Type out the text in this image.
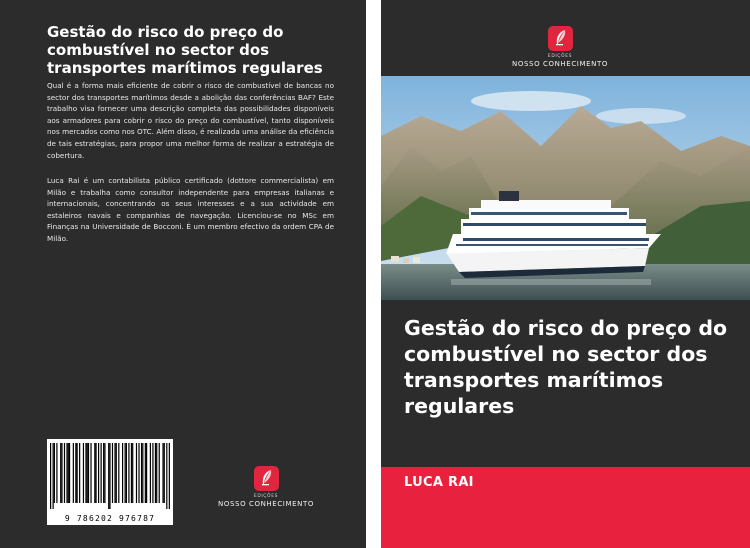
Gestão do risco do preço do combustível no sector dos transportes marítimos regulares

Qual é a forma mais eficiente de cobrir o risco de combustível de bancas no sector dos transportes marítimos desde a abolição das conferências BAF? Este trabalho visa fornecer uma descrição completa das possibilidades disponíveis aos armadores para cobrir o risco do preço do combustível, tanto disponíveis nos mercados como nos OTC. Além disso, é realizada uma análise da eficiência de tais estratégias, para propor uma melhor forma de realizar a estratégia de cobertura.

Luca Rai é um contabilista público certificado (dottore commercialista) em Milão e trabalha como consultor independente para empresas italianas e internacionais, concentrando os seus interesses e a sua actividade em estaleiros navais e companhias de navegação. Licenciou-se no MSc em Finanças na Universidade de Bocconi. É um membro efectivo da ordem CPA de Milão.

9 786202 976787
EDIÇÕES
NOSSO CONHECIMENTO
EDIÇÕES
NOSSO CONHECIMENTO
Gestão do risco do preço do combustível no sector dos transportes marítimos regulares

LUCA RAI
